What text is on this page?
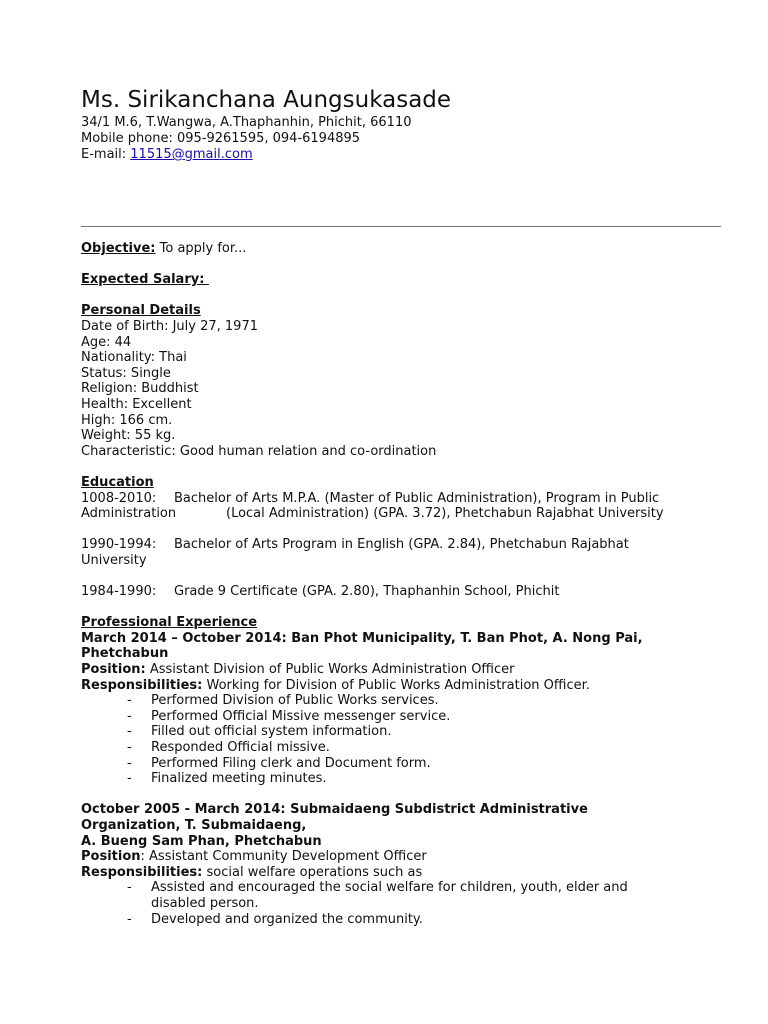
Ms. Sirikanchana Aungsukasade
34/1 M.6, T.Wangwa, A.Thaphanhin, Phichit, 66110
Mobile phone: 095-9261595, 094-6194895
E-mail: 11515@gmail.com
Objective: To apply for...
Expected Salary:
Personal Details
Date of Birth: July 27, 1971
Age: 44
Nationality: Thai
Status: Single
Religion: Buddhist
Health: Excellent
High: 166 cm.
Weight: 55 kg.
Characteristic: Good human relation and co-ordination
Education
1008-2010: Bachelor of Arts M.P.A. (Master of Public Administration), Program in Public
Administration	(Local Administration) (GPA. 3.72), Phetchabun Rajabhat University
1990-1994: Bachelor of Arts Program in English (GPA. 2.84), Phetchabun Rajabhat
University
1984-1990: Grade 9 Certificate (GPA. 2.80), Thaphanhin School, Phichit
Professional Experience
March 2014 – October 2014: Ban Phot Municipality, T. Ban Phot, A. Nong Pai,
Phetchabun
Position: Assistant Division of Public Works Administration Officer
Responsibilities: Working for Division of Public Works Administration Officer.
- Performed Division of Public Works services.
- Performed Official Missive messenger service.
- Filled out official system information.
- Responded Official missive.
- Performed Filing clerk and Document form.
- Finalized meeting minutes.
October 2005 - March 2014: Submaidaeng Subdistrict Administrative
Organization, T. Submaidaeng,
A. Bueng Sam Phan, Phetchabun
Position: Assistant Community Development Officer
Responsibilities: social welfare operations such as
- Assisted and encouraged the social welfare for children, youth, elder and disabled person.
- Developed and organized the community.
